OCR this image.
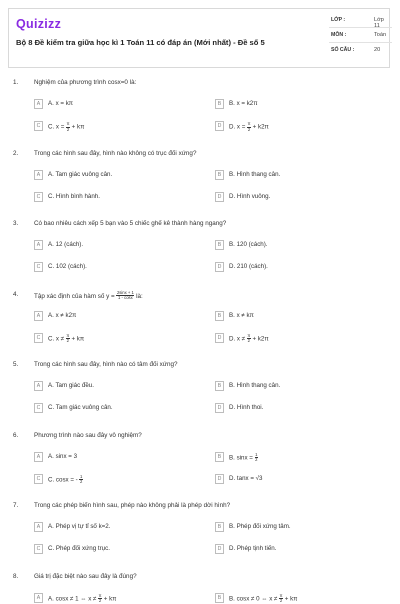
Quizizz
Bộ 8 Đề kiểm tra giữa học kì 1 Toán 11 có đáp án (Mới nhất) - Đề số 5
LỚP :	Lớp 11
MÔN :	Toán
SỐ CÂU :	20
1. Nghiệm của phương trình cosx=0 là:
A	A. x = kπ	B	B. x = k2π
C	C. $x = \frac{\pi}{2} + k\pi$	D	D. $x = \frac{\pi}{2} + k2\pi$
2. Trong các hình sau đây, hình nào không có trục đối xứng?
A	A. Tam giác vuông cân.	B	B. Hình thang cân.
C	C. Hình bình hành.	D	D. Hình vuông.
3. Có bao nhiêu cách xếp 5 bạn vào 5 chiếc ghế kê thành hàng ngang?
A	A. 12 (cách).	B	B. 120 (cách).
C	C. 102 (cách).	D	D. 210 (cách).
4. Tập xác định của hàm số $y = \frac{2\sin x + 1}{1 - \cos x}$ là:
A	A. x ≠ k2π	B	B. x ≠ kπ
C	C. $x \ne \frac{\pi}{2} + k\pi$	D	D. $x \ne \frac{\pi}{2} + k2\pi$
5. Trong các hình sau đây, hình nào có tâm đối xứng?
A	A. Tam giác đều.	B	B. Hình thang cân.
C	C. Tam giác vuông cân.	D	D. Hình thoi.
6. Phương trình nào sau đây vô nghiệm?
A	A. sinx = 3	B	B. $\sin x = \frac{1}{2}$
C	C. cosx = - $\frac{1}{2}$	D	D. tanx = √3
7. Trong các phép biến hình sau, phép nào không phải là phép dời hình?
A	A. Phép vị tự tỉ số k=2.	B	B. Phép đối xứng tâm.
C	C. Phép đối xứng trục.	D	D. Phép tịnh tiến.
8. Giá trị đặc biệt nào sau đây là đúng?
A	A. cosx ≠ 1 ⇔ $x \ne \frac{\pi}{2} + k\pi$	B	B. cosx ≠ 0 ⇔ $x \ne \frac{\pi}{2} + k\pi$
